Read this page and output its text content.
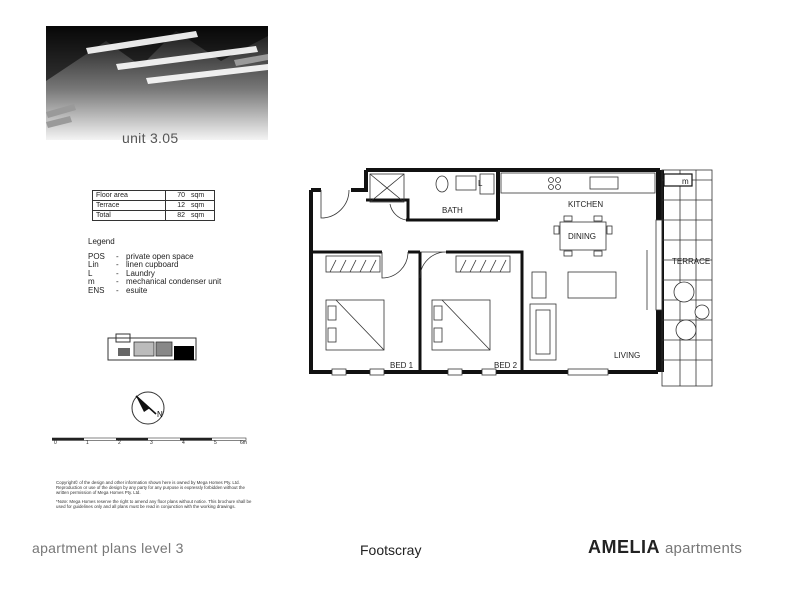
unit 3.05
Floor area	70	sqm
Terrace	12	sqm
Total	82	sqm
Legend
POS	- private open space
Lin	- linen cupboard
L	- Laundry
m	- mechanical condenser unit
ENS	- esuite
N
0	1	2	3	4	5	6m

Copyright© of the design and other information shown here is owned by Mega Homes Pty. Ltd. Reproduction or use of the design by any party for any purpose is expressly forbidden without the written permission of Mega Homes Pty. Ltd.

*Note: Mega Homes reserve the right to amend any floor plans without notice. This brochure shall be used for guidelines only and all plans must be read in conjunction with the working drawings.

BATH
L
KITCHEN
DINING
TERRACE
m
BED 1	BED 2
LIVING
apartment plans level 3	Footscray	AMELIA apartments
